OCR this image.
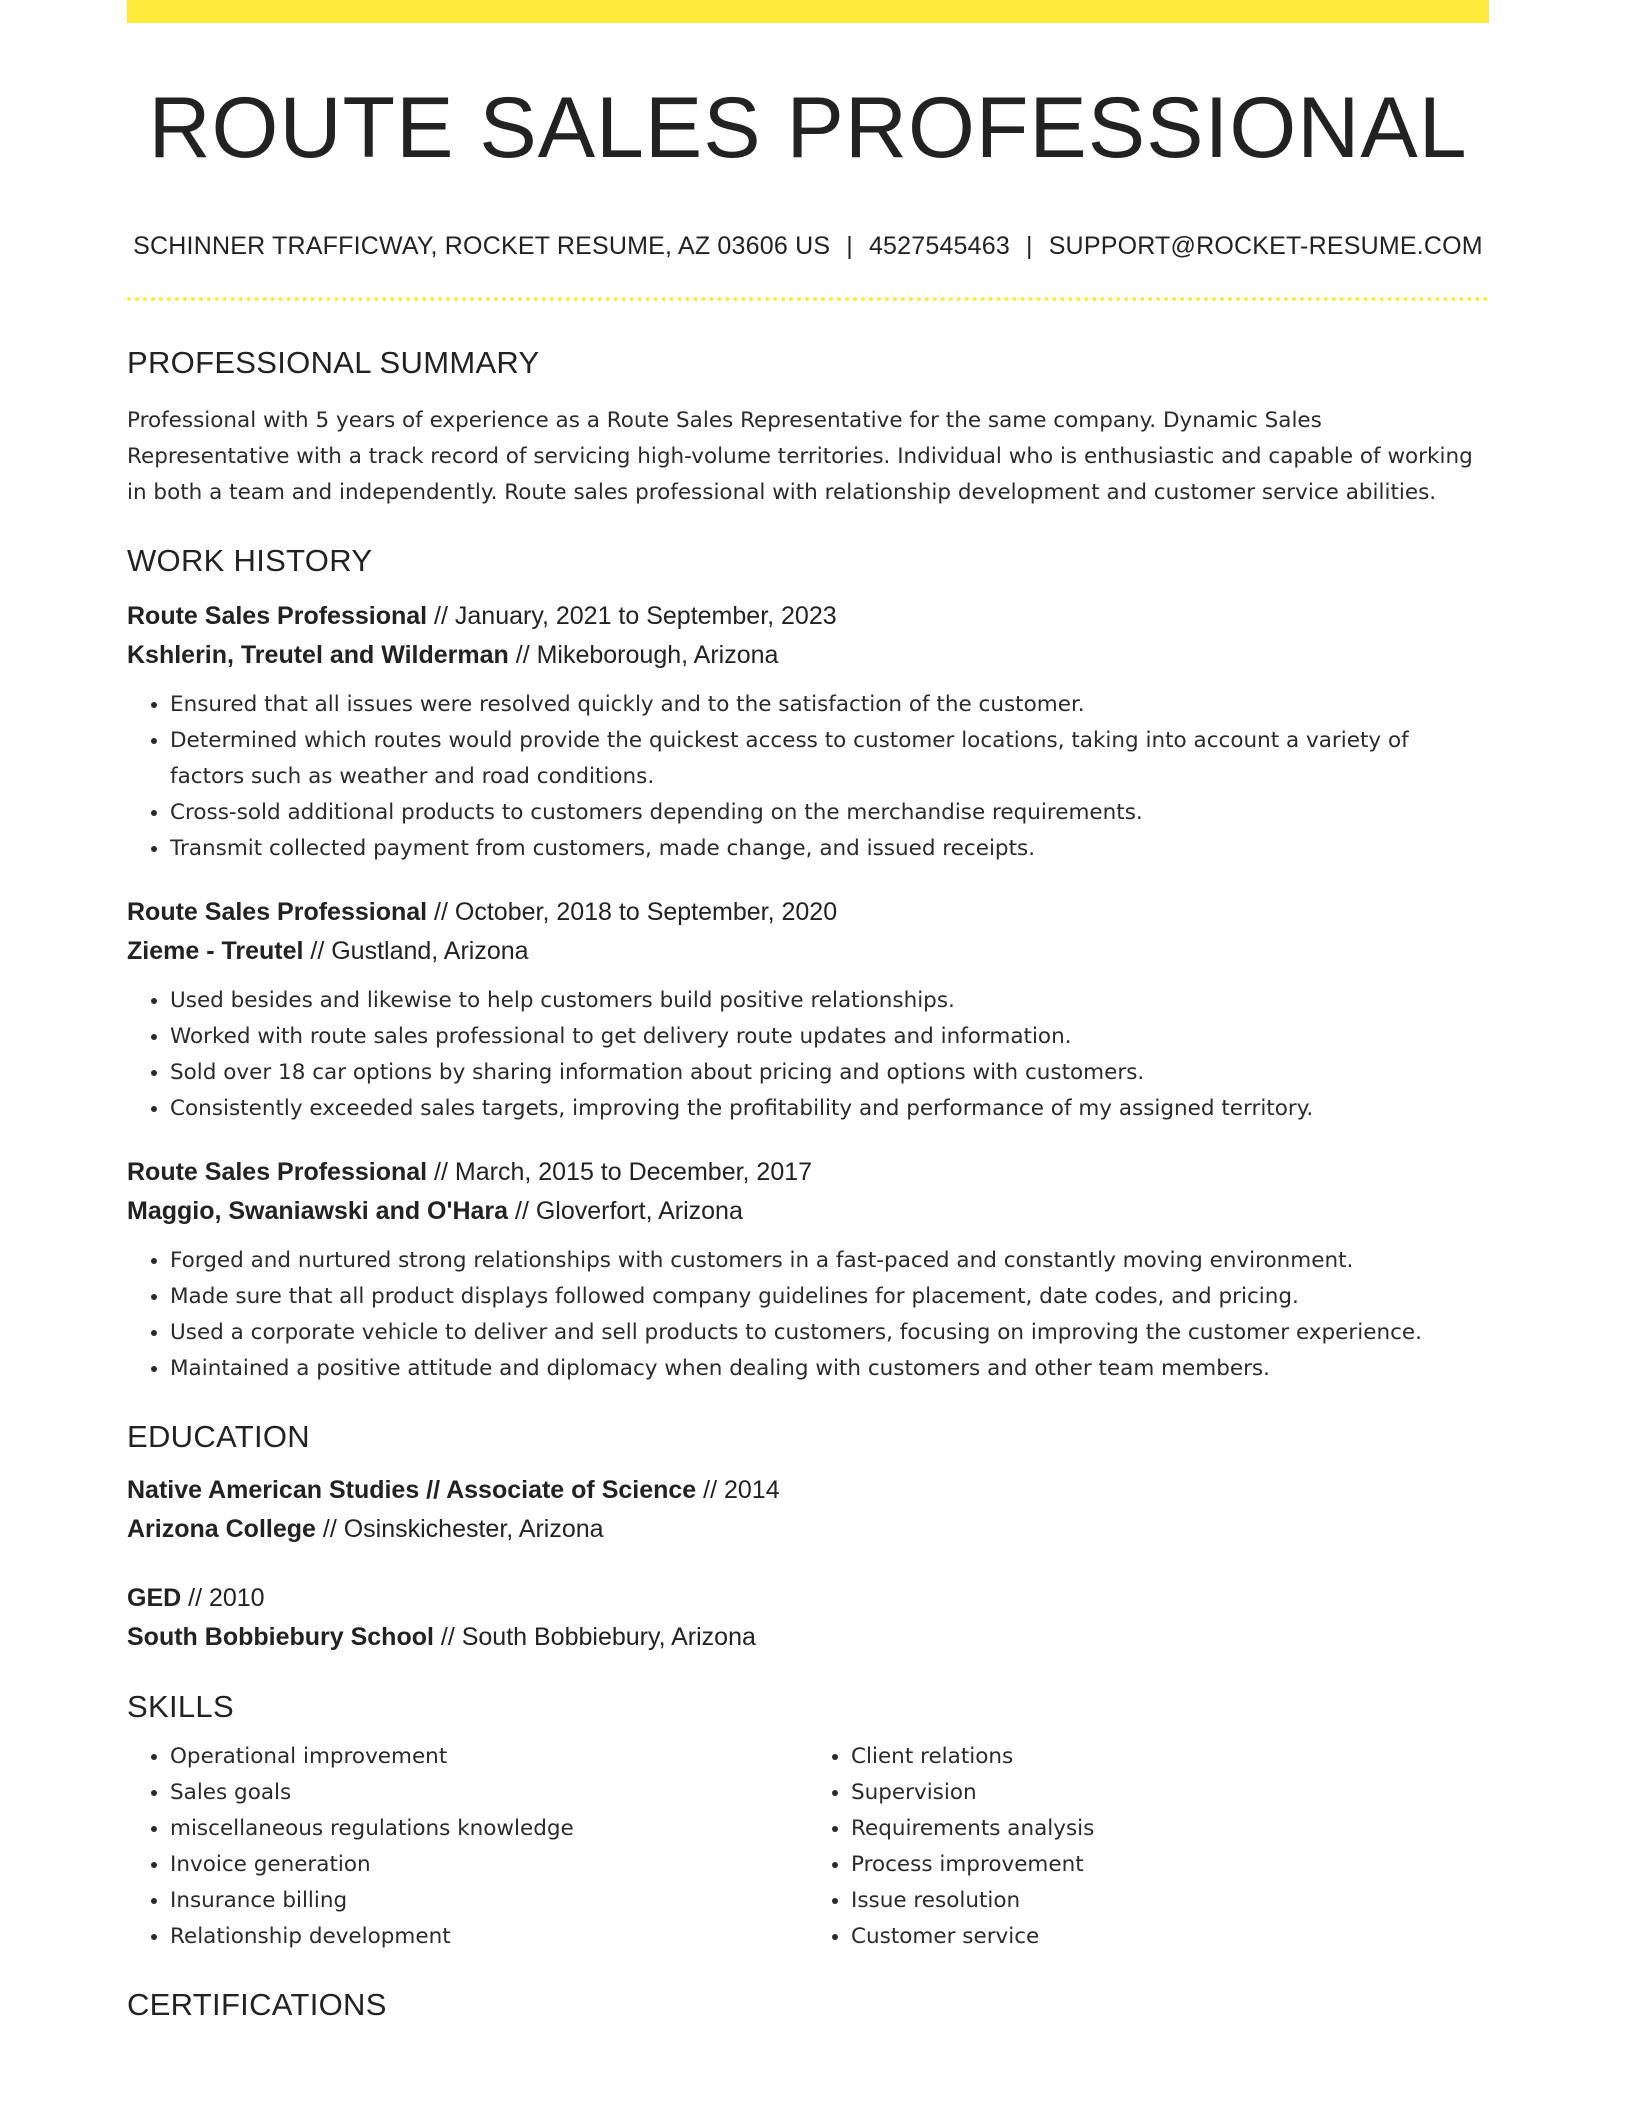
ROUTE SALES PROFESSIONAL
SCHINNER TRAFFICWAY, ROCKET RESUME, AZ 03606 US | 4527545463 | SUPPORT@ROCKET-RESUME.COM
PROFESSIONAL SUMMARY

Professional with 5 years of experience as a Route Sales Representative for the same company. Dynamic Sales Representative with a track record of servicing high-volume territories. Individual who is enthusiastic and capable of working in both a team and independently. Route sales professional with relationship development and customer service abilities.

WORK HISTORY
Route Sales Professional // January, 2021 to September, 2023
Kshlerin, Treutel and Wilderman // Mikeborough, Arizona
• Ensured that all issues were resolved quickly and to the satisfaction of the customer.
• Determined which routes would provide the quickest access to customer locations, taking into account a variety of factors such as weather and road conditions.
• Cross-sold additional products to customers depending on the merchandise requirements.
• Transmit collected payment from customers, made change, and issued receipts.
Route Sales Professional // October, 2018 to September, 2020
Zieme - Treutel // Gustland, Arizona
• Used besides and likewise to help customers build positive relationships.
• Worked with route sales professional to get delivery route updates and information.
• Sold over 18 car options by sharing information about pricing and options with customers.
• Consistently exceeded sales targets, improving the profitability and performance of my assigned territory.
Route Sales Professional // March, 2015 to December, 2017
Maggio, Swaniawski and O'Hara // Gloverfort, Arizona
• Forged and nurtured strong relationships with customers in a fast-paced and constantly moving environment.
• Made sure that all product displays followed company guidelines for placement, date codes, and pricing.
• Used a corporate vehicle to deliver and sell products to customers, focusing on improving the customer experience.
• Maintained a positive attitude and diplomacy when dealing with customers and other team members.
EDUCATION
Native American Studies // Associate of Science // 2014
Arizona College // Osinskichester, Arizona
GED // 2010
South Bobbiebury School // South Bobbiebury, Arizona
SKILLS
• Operational improvement
• Sales goals
• miscellaneous regulations knowledge
• Invoice generation
• Insurance billing
• Relationship development
• Client relations
• Supervision
• Requirements analysis
• Process improvement
• Issue resolution
• Customer service
CERTIFICATIONS
